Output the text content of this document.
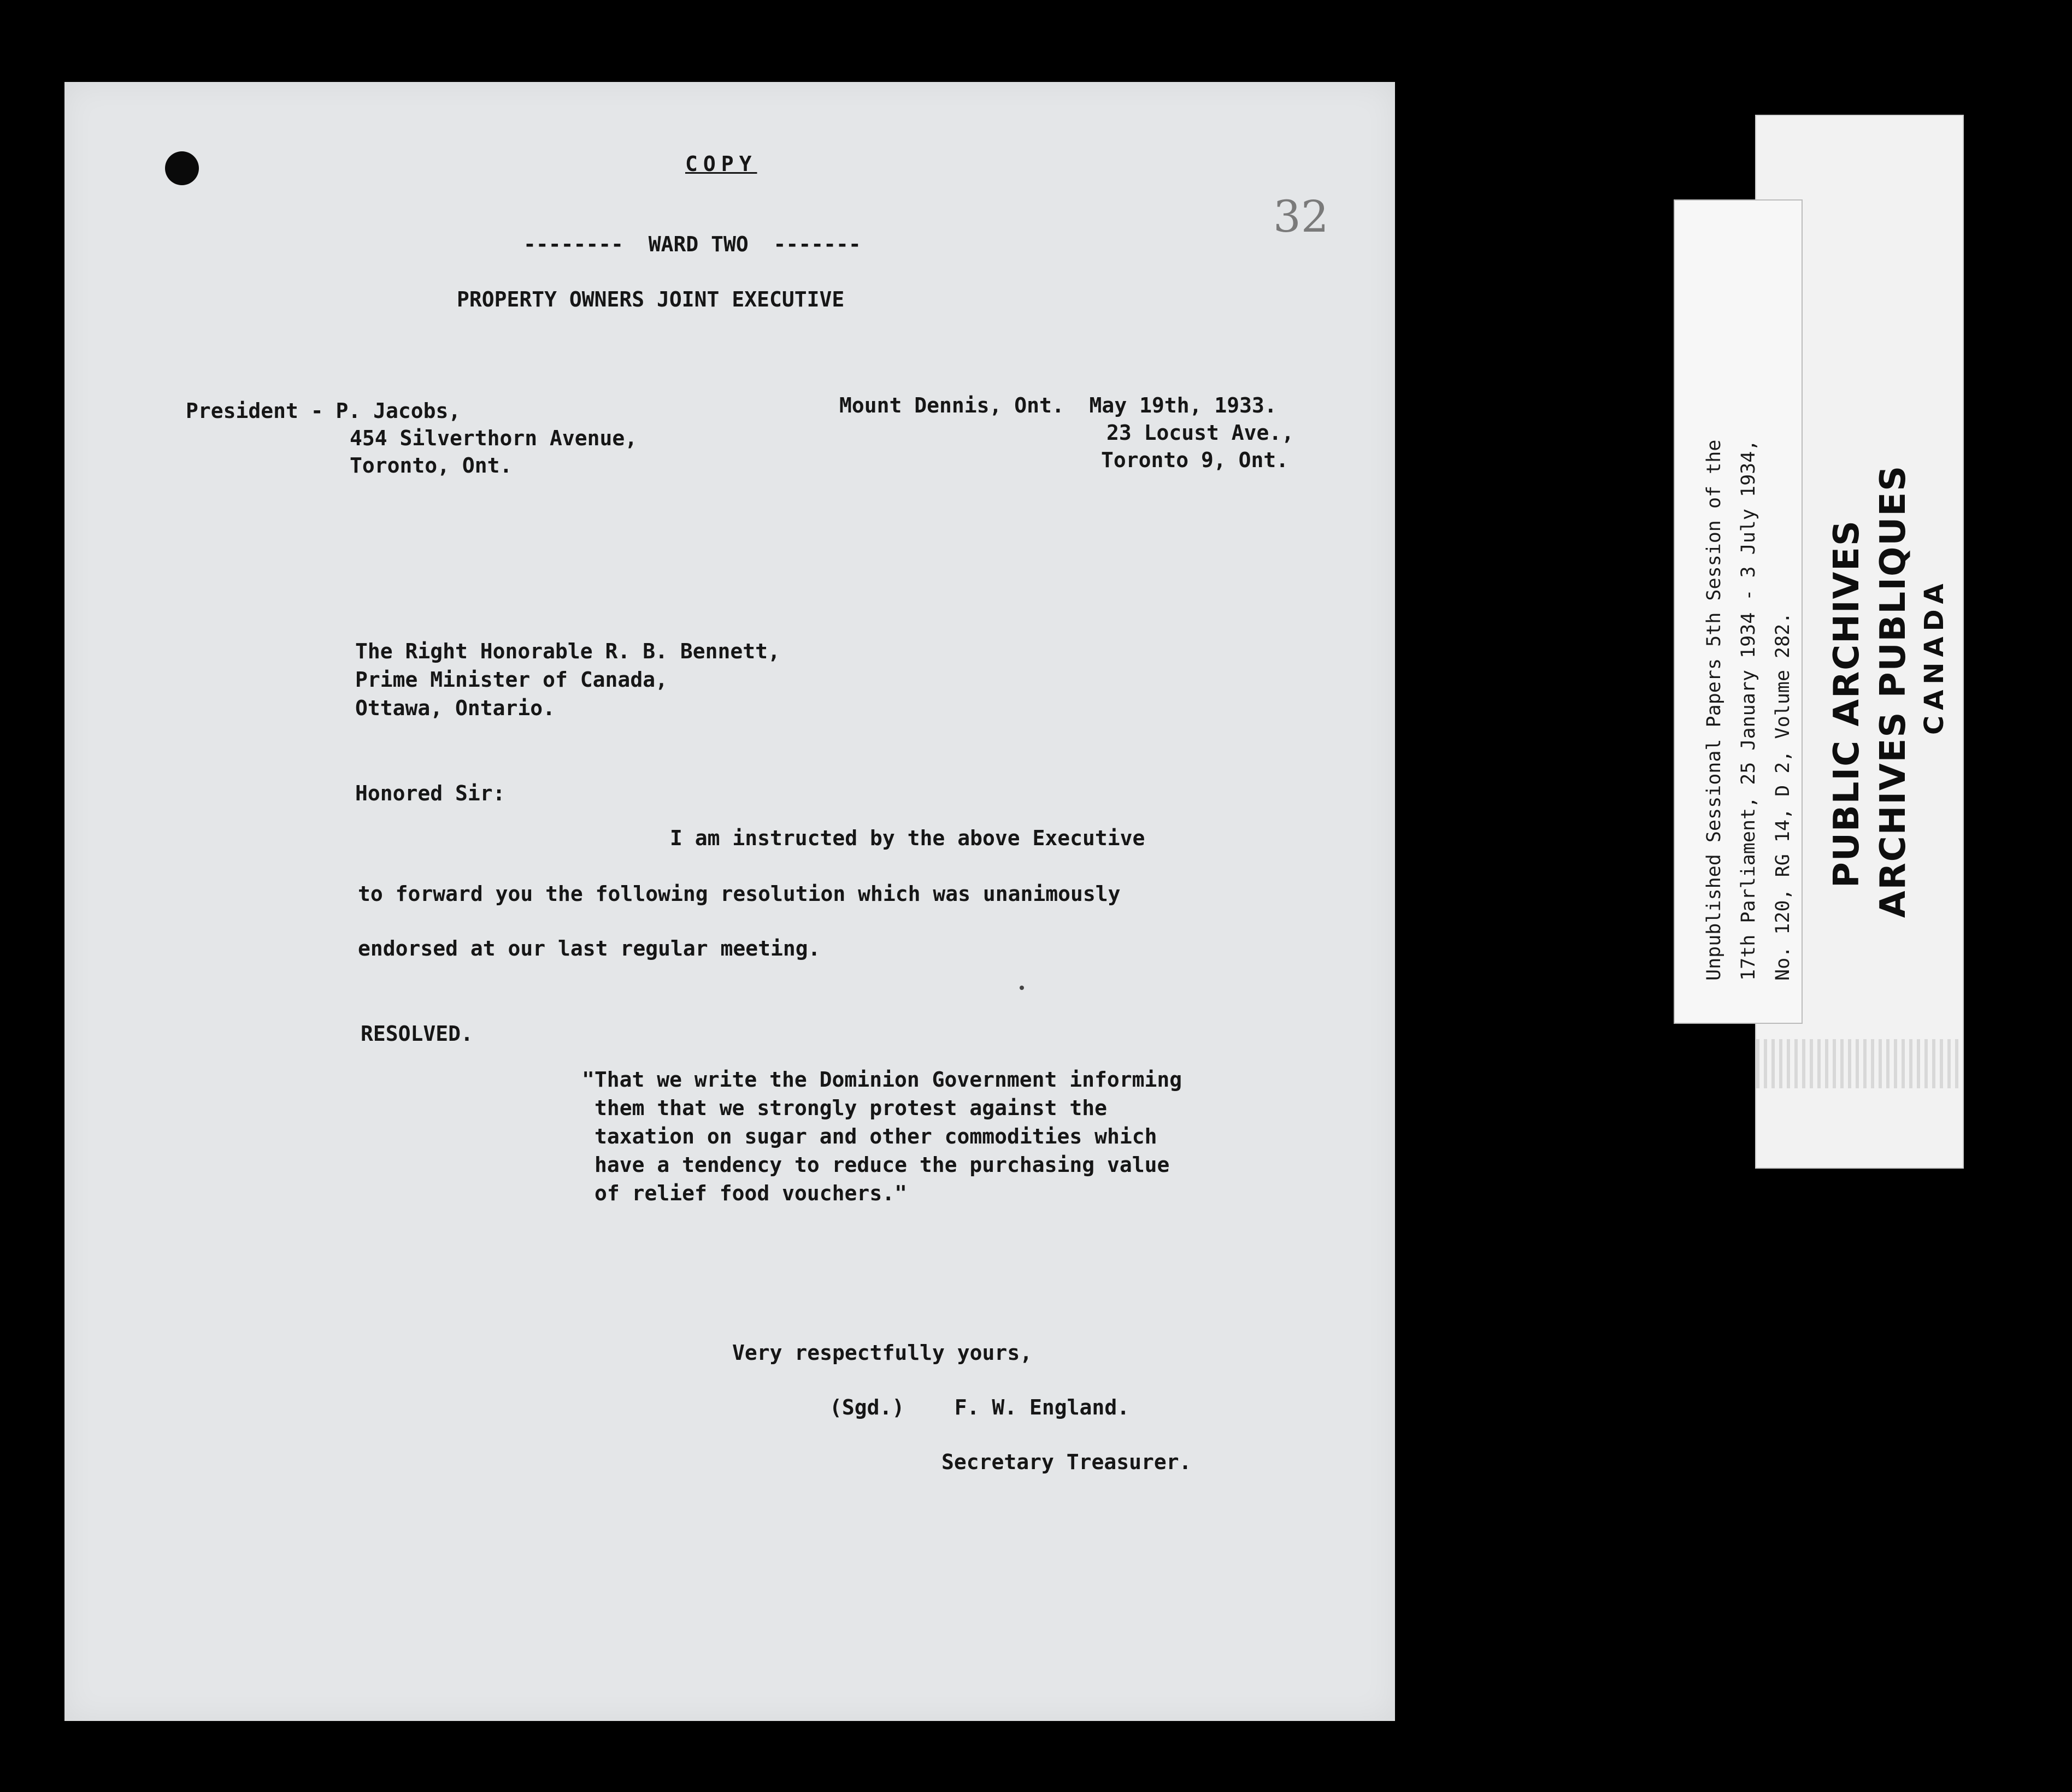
COPY

32

--------  WARD TWO  -------

PROPERTY OWNERS JOINT EXECUTIVE

President - P. Jacobs,

454 Silverthorn Avenue,

Toronto, Ont.

Mount Dennis, Ont.  May 19th, 1933.

23 Locust Ave.,

Toronto 9, Ont.

The Right Honorable R. B. Bennett,

Prime Minister of Canada,

Ottawa, Ontario.

Honored Sir:

I am instructed by the above Executive

to forward you the following resolution which was unanimously

endorsed at our last regular meeting.

RESOLVED.

"That we write the Dominion Government informing

them that we strongly protest against the

taxation on sugar and other commodities which

have a tendency to reduce the purchasing value

of relief food vouchers."

Very respectfully yours,

(Sgd.)    F. W. England.

Secretary Treasurer.

Unpublished Sessional Papers 5th Session of the 17th Parliament, 25 January 1934 - 3 July 1934, No. 120, RG 14, D 2, Volume 282. PUBLIC ARCHIVES ARCHIVES PUBLIQUES CANADA
